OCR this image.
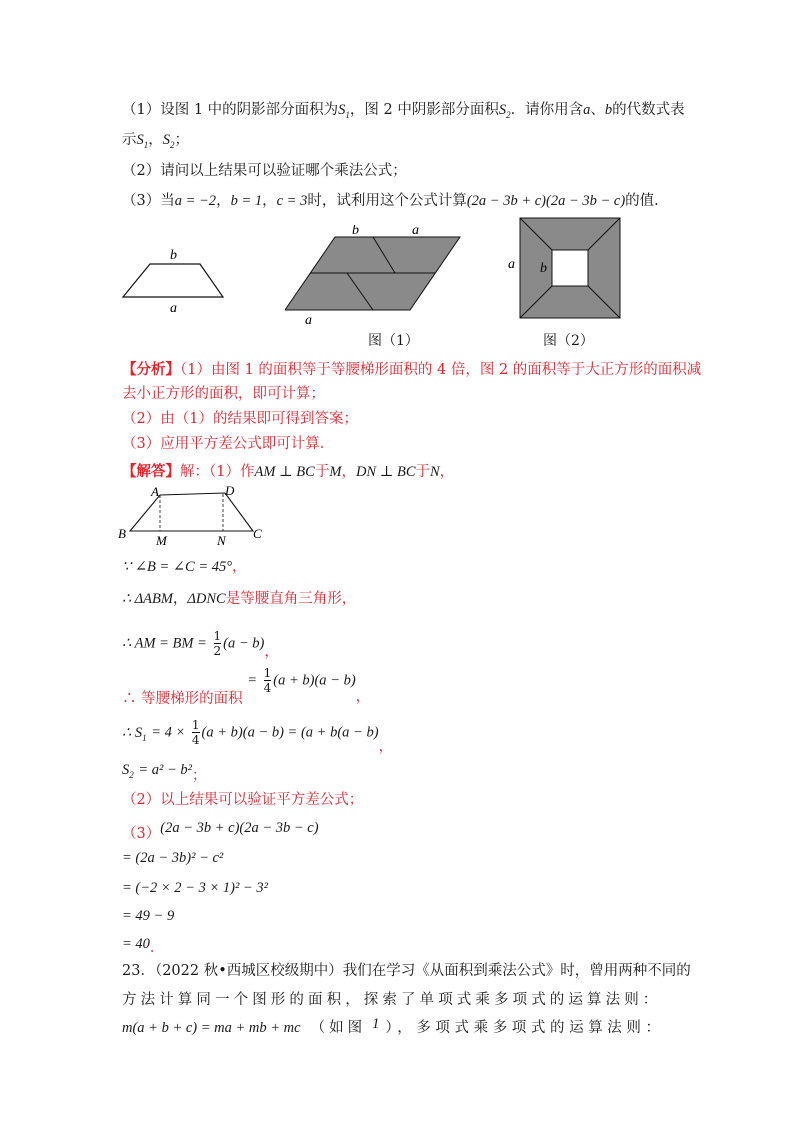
（1）设图 1 中的阴影部分面积为$S_1$，图 2 中阴影部分面积$S_2$．请你用含a、b的代数式表
示$S_1$，$S_2$；
（2）请问以上结果可以验证哪个乘法公式；
（3）当a = −2，b = 1，c = 3时，试利用这个公式计算(2a − 3b + c)(2a − 3b − c)的值.
b
a
b	a
a
图（1）
a b
图（2）
【分析】（1）由图 1 的面积等于等腰梯形面积的 4 倍，图 2 的面积等于大正方形的面积减
去小正方形的面积，即可计算；
（2）由（1）的结果即可得到答案；
（3）应用平方差公式即可计算．
【解答】解：（1）作AM ⊥ BC于M，DN ⊥ BC于N，
A	D
B M	N C
∵ ∠B = ∠C = 45°，
∴ ΔABM，ΔDNC是等腰直角三角形，
∴ AM = BM = $\frac{1}{2} (a - b)$，
∴ 等腰梯形的面积 = $\frac{1}{4} (a + b)(a - b)$，
∴ $S_1 = 4 \times \frac{1}{4} (a + b)(a - b) = (a + b(a - b)$，
$S_2 = a^2 - b^2$；
（2）以上结果可以验证平方差公式；
（3）(2a − 3b + c)(2a − 3b − c)
= (2a − 3b)² − c²
= (−2 × 2 − 3 × 1)² − 3²
= 49 − 9
= 40．
23．（2022 秋•西城区校级期中）我们在学习《从面积到乘法公式》时，曾用两种不同的
方法计算同一个图形的面积，探索了单项式乘多项式的运算法则：
m(a + b + c) = ma + mb + mc （如图 1 ），多项式乘多项式的运算法则：
